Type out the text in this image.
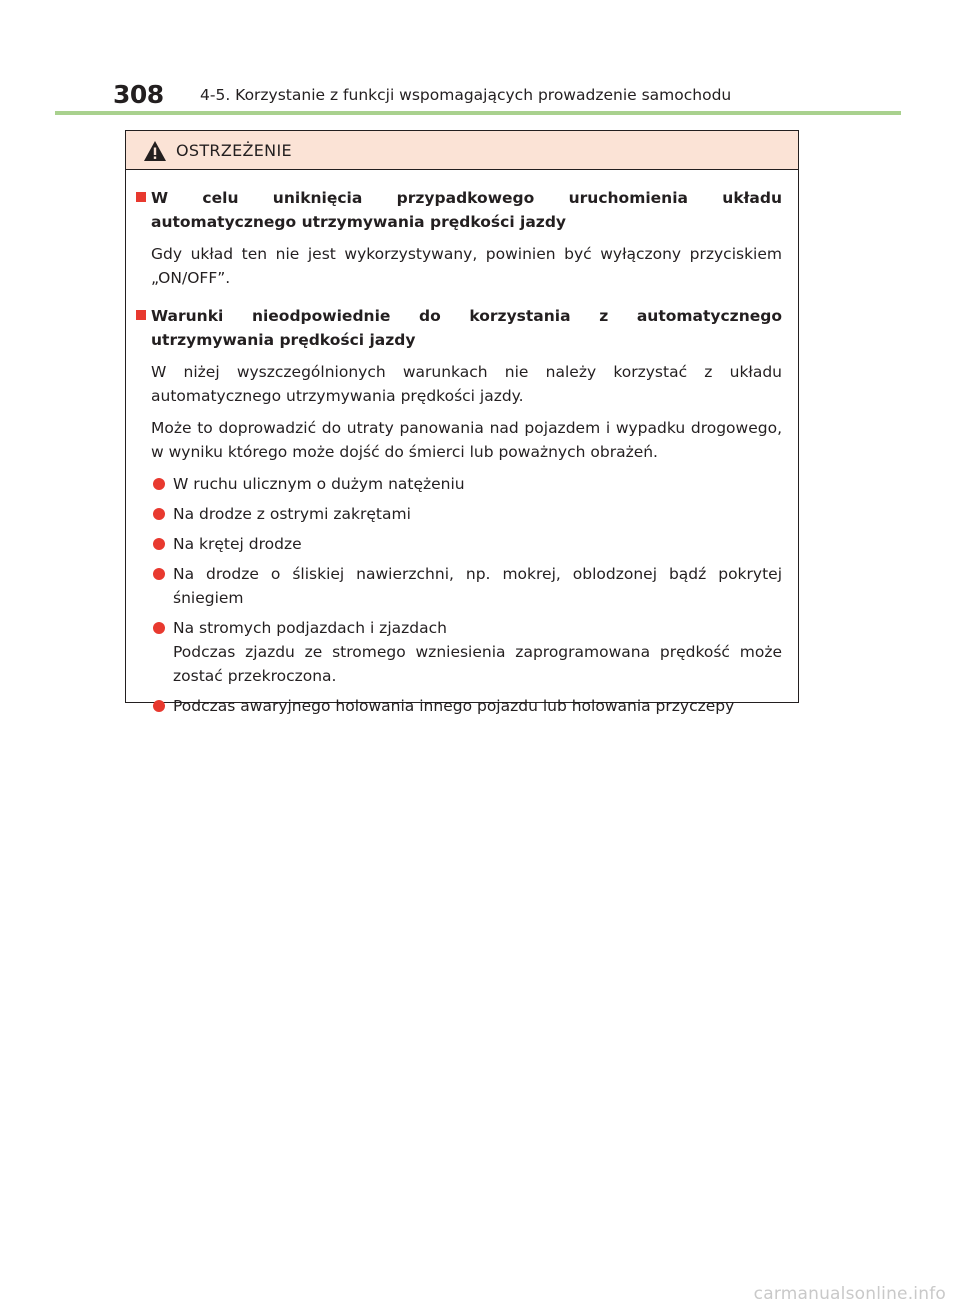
308 4-5. Korzystanie z funkcji wspomagających prowadzenie samochodu
OSTRZEŻENIE
W celu uniknięcia przypadkowego uruchomienia układu automatycznego utrzymywania prędkości jazdy

Gdy układ ten nie jest wykorzystywany, powinien być wyłączony przyciskiem „ON/OFF”.

Warunki nieodpowiednie do korzystania z automatycznego utrzymywania prędkości jazdy

W niżej wyszczególnionych warunkach nie należy korzystać z układu automatycznego utrzymywania prędkości jazdy.

Może to doprowadzić do utraty panowania nad pojazdem i wypadku drogowego, w wyniku którego może dojść do śmierci lub poważnych obrażeń.

W ruchu ulicznym o dużym natężeniu
Na drodze z ostrymi zakrętami
Na krętej drodze
Na drodze o śliskiej nawierzchni, np. mokrej, oblodzonej bądź pokrytej śniegiem
Na stromych podjazdach i zjazdach
Podczas zjazdu ze stromego wzniesienia zaprogramowana prędkość może zostać przekroczona.
Podczas awaryjnego holowania innego pojazdu lub holowania przyczepy
carmanualsonline.info
